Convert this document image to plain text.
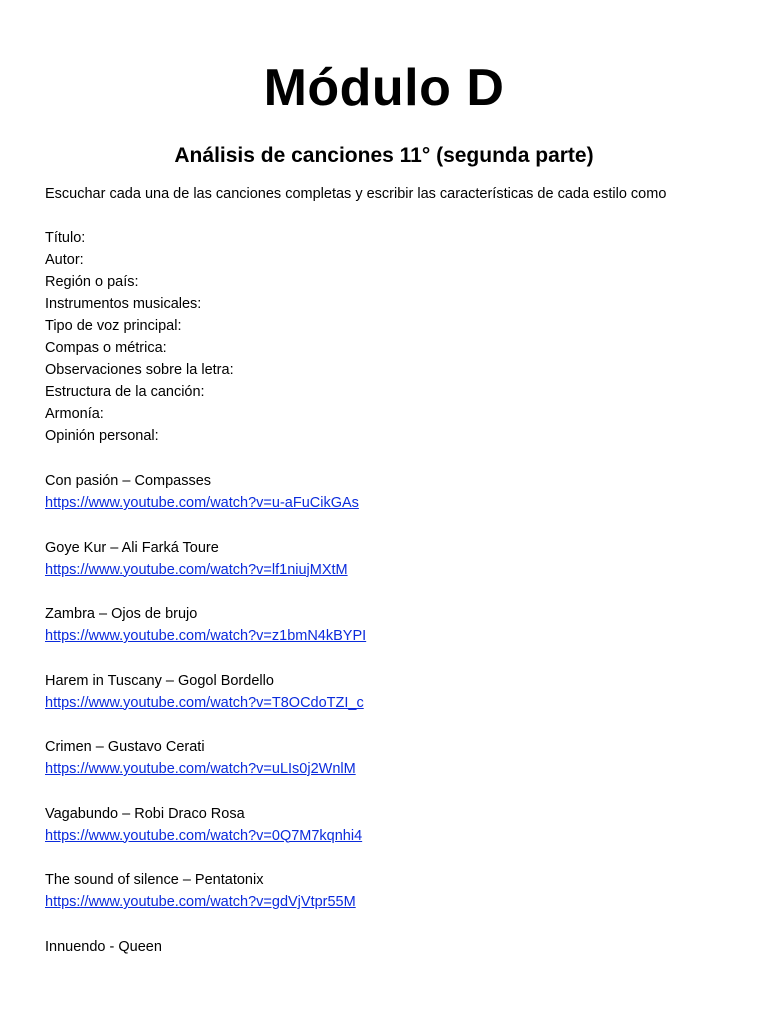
Módulo D
Análisis de canciones 11° (segunda parte)
Escuchar cada una de las canciones completas y escribir las características de cada estilo como
Título:
Autor:
Región o país:
Instrumentos musicales:
Tipo de voz principal:
Compas o métrica:
Observaciones sobre la letra:
Estructura de la canción:
Armonía:
Opinión personal:
Con pasión – Compasses
https://www.youtube.com/watch?v=u-aFuCikGAs
Goye Kur – Ali Farká Toure
https://www.youtube.com/watch?v=lf1niujMXtM
Zambra – Ojos de brujo
https://www.youtube.com/watch?v=z1bmN4kBYPI
Harem in Tuscany – Gogol Bordello
https://www.youtube.com/watch?v=T8OCdoTZI_c
Crimen – Gustavo Cerati
https://www.youtube.com/watch?v=uLIs0j2WnlM
Vagabundo – Robi Draco Rosa
https://www.youtube.com/watch?v=0Q7M7kqnhi4
The sound of silence – Pentatonix
https://www.youtube.com/watch?v=gdVjVtpr55M
Innuendo - Queen
